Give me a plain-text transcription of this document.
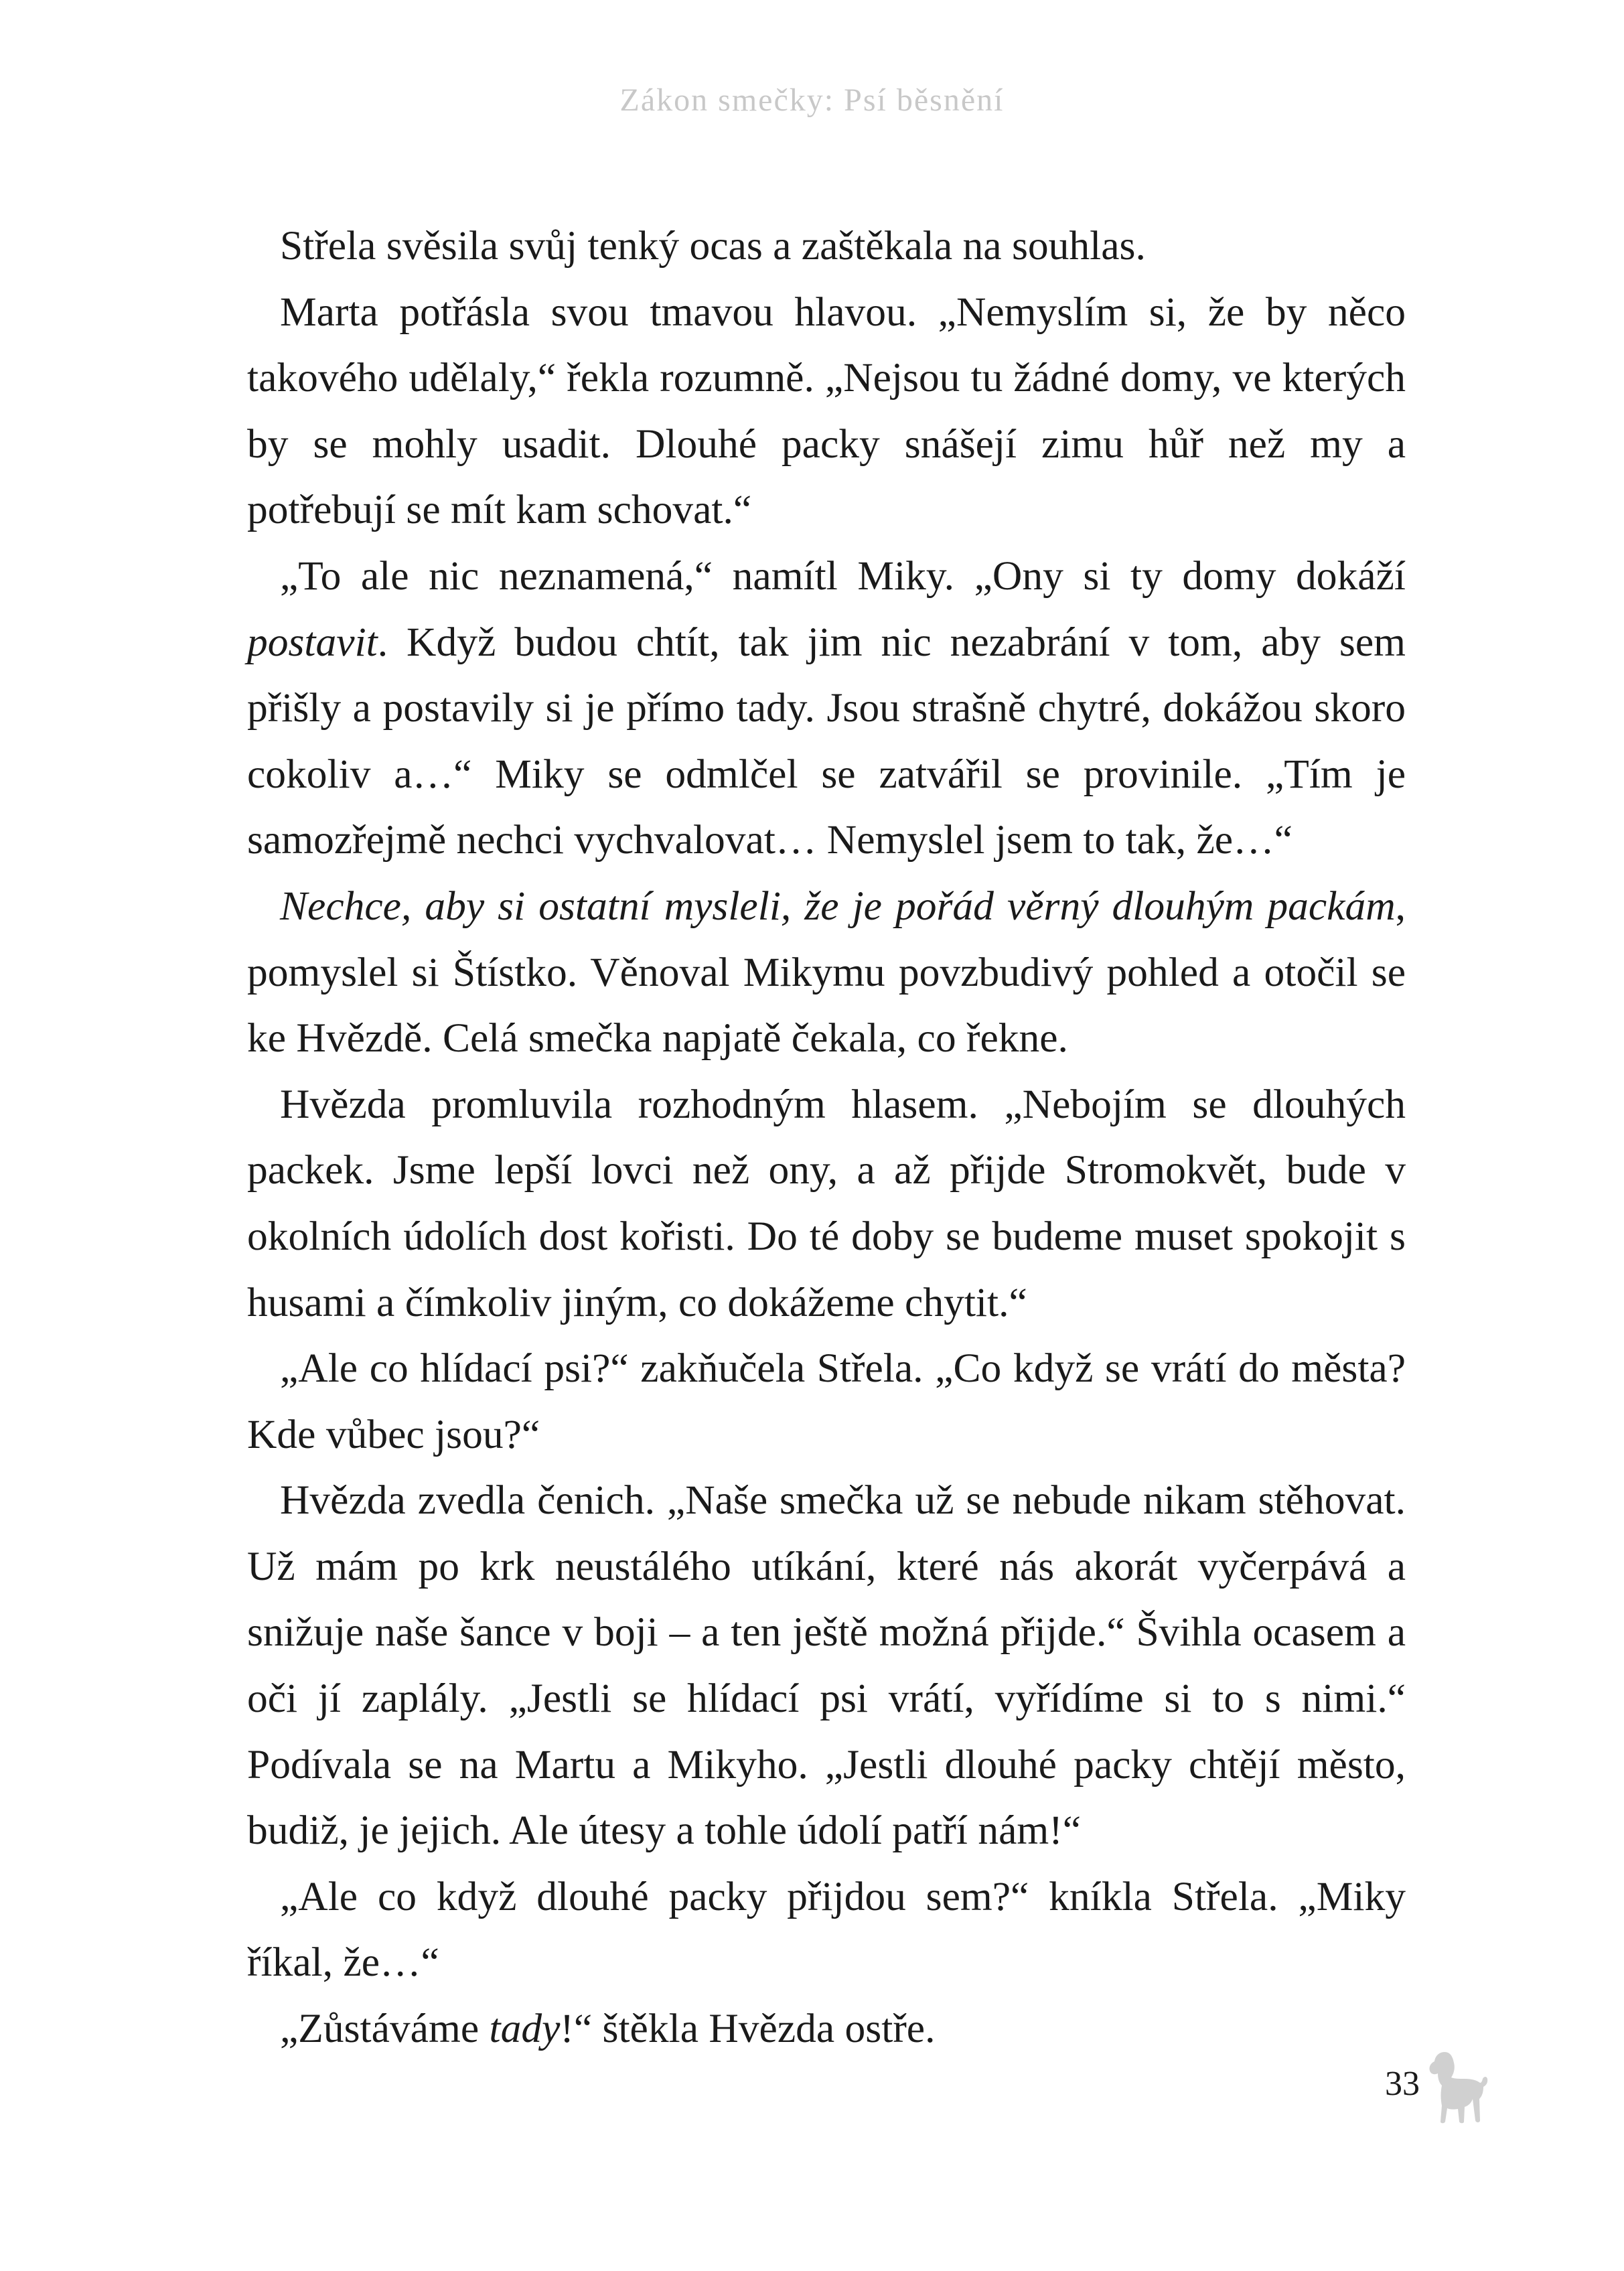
Zákon smečky: Psí běsnění

Střela svěsila svůj tenký ocas a zaštěkala na souhlas.

Marta potřásla svou tmavou hlavou. „Nemyslím si, že by něco takového udělaly,“ řekla rozumně. „Nejsou tu žádné domy, ve kterých by se mohly usadit. Dlouhé packy snášejí zimu hůř než my a potřebují se mít kam schovat.“

„To ale nic neznamená,“ namítl Miky. „Ony si ty domy dokáží postavit. Když budou chtít, tak jim nic nezabrání v tom, aby sem přišly a postavily si je přímo tady. Jsou strašně chytré, dokážou skoro cokoliv a…“ Miky se odmlčel se zatvářil se provinile. „Tím je samozřejmě nechci vychvalovat… Nemyslel jsem to tak, že…“

Nechce, aby si ostatní mysleli, že je pořád věrný dlouhým packám, pomyslel si Štístko. Věnoval Mikymu povzbudivý pohled a otočil se ke Hvězdě. Celá smečka napjatě čekala, co řekne.

Hvězda promluvila rozhodným hlasem. „Nebojím se dlouhých packek. Jsme lepší lovci než ony, a až přijde Stromokvět, bude v okolních údolích dost kořisti. Do té doby se budeme muset spokojit s husami a čímkoliv jiným, co dokážeme chytit.“

„Ale co hlídací psi?“ zakňučela Střela. „Co když se vrátí do města? Kde vůbec jsou?“

Hvězda zvedla čenich. „Naše smečka už se nebude nikam stěhovat. Už mám po krk neustálého utíkání, které nás akorát vyčerpává a snižuje naše šance v boji – a ten ještě možná přijde.“ Švihla ocasem a oči jí zaplály. „Jestli se hlídací psi vrátí, vyřídíme si to s nimi.“ Podívala se na Martu a Mikyho. „Jestli dlouhé packy chtějí město, budiž, je jejich. Ale útesy a tohle údolí patří nám!“

„Ale co když dlouhé packy přijdou sem?“ kníkla Střela. „Miky říkal, že…“

„Zůstáváme tady!“ štěkla Hvězda ostře.

33
